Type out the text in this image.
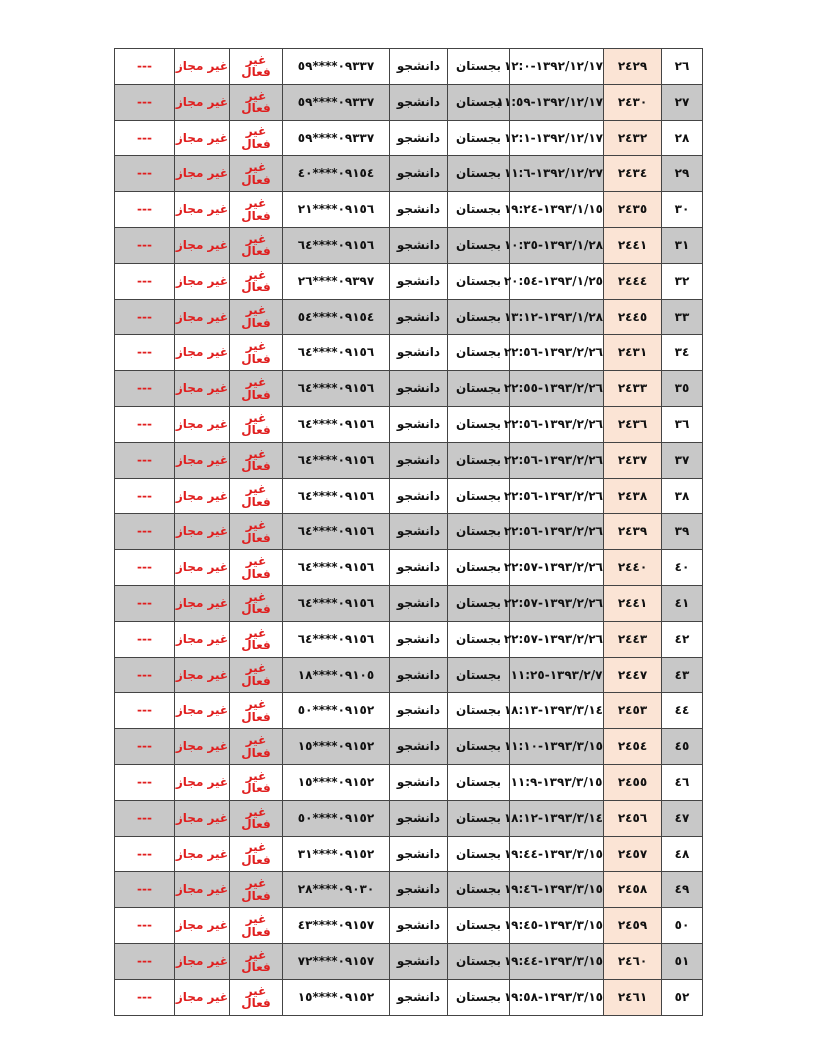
٢٦	٢٤٢٩	١٣٩٢/١٢/١٧-١٢:٠	بجستان	دانشجو	٠٩٣٣٧****٥٩	غیر فعال	غیر مجاز	---
٢٧	٢٤٣٠	١٣٩٢/١٢/١٧-١١:٥٩	بجستان	دانشجو	٠٩٣٣٧****٥٩	غیر فعال	غیر مجاز	---
٢٨	٢٤٣٢	١٣٩٢/١٢/١٧-١٢:١	بجستان	دانشجو	٠٩٣٣٧****٥٩	غیر فعال	غیر مجاز	---
٢٩	٢٤٣٤	١٣٩٢/١٢/٢٧-١١:٦	بجستان	دانشجو	٠٩١٥٤****٤٠	غیر فعال	غیر مجاز	---
٣٠	٢٤٣٥	١٣٩٣/١/١٥-١٩:٢٤	بجستان	دانشجو	٠٩١٥٦****٢١	غیر فعال	غیر مجاز	---
٣١	٢٤٤١	١٣٩٣/١/٢٨-١٠:٣٥	بجستان	دانشجو	٠٩١٥٦****٦٤	غیر فعال	غیر مجاز	---
٣٢	٢٤٤٤	١٣٩٣/١/٢٥-٢٠:٥٤	بجستان	دانشجو	٠٩٣٩٧****٢٦	غیر فعال	غیر مجاز	---
٣٣	٢٤٤٥	١٣٩٣/١/٢٨-١٣:١٢	بجستان	دانشجو	٠٩١٥٤****٥٤	غیر فعال	غیر مجاز	---
٣٤	٢٤٣١	١٣٩٣/٢/٢٦-٢٢:٥٦	بجستان	دانشجو	٠٩١٥٦****٦٤	غیر فعال	غیر مجاز	---
٣٥	٢٤٣٣	١٣٩٣/٢/٢٦-٢٢:٥٥	بجستان	دانشجو	٠٩١٥٦****٦٤	غیر فعال	غیر مجاز	---
٣٦	٢٤٣٦	١٣٩٣/٢/٢٦-٢٢:٥٦	بجستان	دانشجو	٠٩١٥٦****٦٤	غیر فعال	غیر مجاز	---
٣٧	٢٤٣٧	١٣٩٣/٢/٢٦-٢٢:٥٦	بجستان	دانشجو	٠٩١٥٦****٦٤	غیر فعال	غیر مجاز	---
٣٨	٢٤٣٨	١٣٩٣/٢/٢٦-٢٢:٥٦	بجستان	دانشجو	٠٩١٥٦****٦٤	غیر فعال	غیر مجاز	---
٣٩	٢٤٣٩	١٣٩٣/٢/٢٦-٢٢:٥٦	بجستان	دانشجو	٠٩١٥٦****٦٤	غیر فعال	غیر مجاز	---
٤٠	٢٤٤٠	١٣٩٣/٢/٢٦-٢٢:٥٧	بجستان	دانشجو	٠٩١٥٦****٦٤	غیر فعال	غیر مجاز	---
٤١	٢٤٤١	١٣٩٣/٢/٢٦-٢٢:٥٧	بجستان	دانشجو	٠٩١٥٦****٦٤	غیر فعال	غیر مجاز	---
٤٢	٢٤٤٣	١٣٩٣/٢/٢٦-٢٢:٥٧	بجستان	دانشجو	٠٩١٥٦****٦٤	غیر فعال	غیر مجاز	---
٤٣	٢٤٤٧	١٣٩٣/٢/٧-١١:٢٥	بجستان	دانشجو	٠٩١٠٥****١٨	غیر فعال	غیر مجاز	---
٤٤	٢٤٥٣	١٣٩٣/٣/١٤-١٨:١٣	بجستان	دانشجو	٠٩١٥٢****٥٠	غیر فعال	غیر مجاز	---
٤٥	٢٤٥٤	١٣٩٣/٣/١٥-١١:١٠	بجستان	دانشجو	٠٩١٥٢****١٥	غیر فعال	غیر مجاز	---
٤٦	٢٤٥٥	١٣٩٣/٣/١٥-١١:٩	بجستان	دانشجو	٠٩١٥٢****١٥	غیر فعال	غیر مجاز	---
٤٧	٢٤٥٦	١٣٩٣/٣/١٤-١٨:١٢	بجستان	دانشجو	٠٩١٥٢****٥٠	غیر فعال	غیر مجاز	---
٤٨	٢٤٥٧	١٣٩٣/٣/١٥-١٩:٤٤	بجستان	دانشجو	٠٩١٥٢****٣١	غیر فعال	غیر مجاز	---
٤٩	٢٤٥٨	١٣٩٣/٣/١٥-١٩:٤٦	بجستان	دانشجو	٠٩٠٣٠****٢٨	غیر فعال	غیر مجاز	---
٥٠	٢٤٥٩	١٣٩٣/٣/١٥-١٩:٤٥	بجستان	دانشجو	٠٩١٥٧****٤٣	غیر فعال	غیر مجاز	---
٥١	٢٤٦٠	١٣٩٣/٣/١٥-١٩:٤٤	بجستان	دانشجو	٠٩١٥٧****٧٢	غیر فعال	غیر مجاز	---
٥٢	٢٤٦١	١٣٩٣/٣/١٥-١٩:٥٨	بجستان	دانشجو	٠٩١٥٢****١٥	غیر فعال	غیر مجاز	---
